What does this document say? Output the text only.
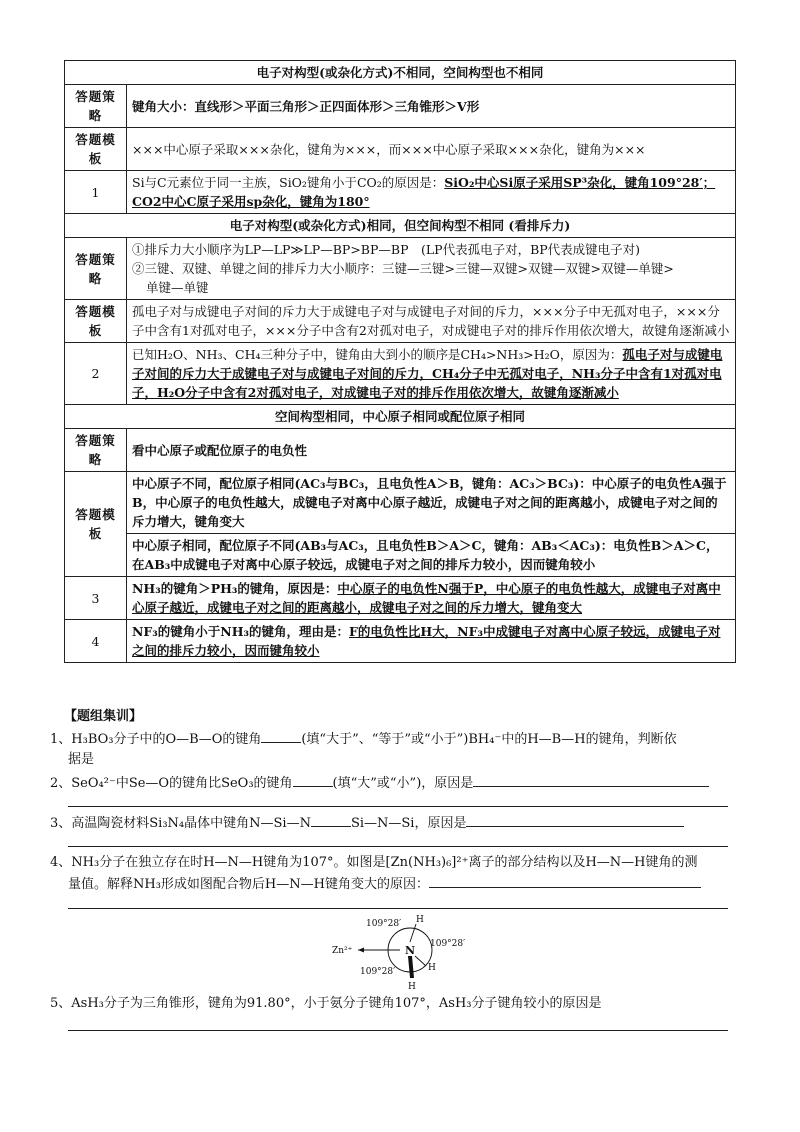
电子对构型(或杂化方式)不相同，空间构型也不相同	
答题策略	键角大小：直线形＞平面三角形＞正四面体形＞三角锥形＞V形
答题模板	×××中心原子采取×××杂化，键角为×××，而×××中心原子采取×××杂化，键角为×××
1	Si与C元素位于同一主族，SiO₂键角小于CO₂的原因是：SiO₂中心Si原子采用SP³杂化，键角109°28′；CO2中心C原子采用sp杂化，键角为180°
电子对构型(或杂化方式)相同，但空间构型不相同 (看排斥力)	
答题策略	①排斥力大小顺序为LP—LP≫LP—BP>BP—BP　(LP代表孤电子对，BP代表成键电子对)
②三键、双键、单键之间的排斥力大小顺序：三键—三键>三键—双键>双键—双键>双键—单键>
单键—单键

答题模板	孤电子对与成键电子对间的斥力大于成键电子对与成键电子对间的斥力，×××分子中无孤对电子，×××分子中含有1对孤对电子，×××分子中含有2对孤对电子，对成键电子对的排斥作用依次增大，故键角逐渐减小
2	已知H₂O、NH₃、CH₄三种分子中，键角由大到小的顺序是CH₄>NH₃>H₂O，原因为：孤电子对与成键电子对间的斥力大于成键电子对与成键电子对间的斥力，CH₄分子中无孤对电子，NH₃分子中含有1对孤对电子，H₂O分子中含有2对孤对电子，对成键电子对的排斥作用依次增大，故键角逐渐减小
空间构型相同，中心原子相同或配位原子相同	
答题策略	看中心原子或配位原子的电负性
答题模板	中心原子不同，配位原子相同(AC₃与BC₃，且电负性A＞B，键角：AC₃＞BC₃)：中心原子的电负性A强于B，中心原子的电负性越大，成键电子对离中心原子越近，成键电子对之间的距离越小，成键电子对之间的斥力增大，键角变大
	中心原子相同，配位原子不同(AB₃与AC₃，且电负性B＞A＞C，键角：AB₃＜AC₃)：电负性B＞A＞C，在AB₃中成键电子对离中心原子较远，成键电子对之间的排斥力较小，因而键角较小
3	NH₃的键角＞PH₃的键角，原因是：中心原子的电负性N强于P，中心原子的电负性越大，成键电子对离中心原子越近，成键电子对之间的距离越小，成键电子对之间的斥力增大，键角变大
4	NF₃的键角小于NH₃的键角，理由是：F的电负性比H大，NF₃中成键电子对离中心原子较远，成键电子对之间的排斥力较小，因而键角较小
【题组集训】
1、H₃BO₃分子中的O—B—O的键角	(填“大于”、“等于”或“小于”)BH₄⁻中的H—B—H的键角，判断依
据是
2、SeO₄²⁻中Se—O的键角比SeO₃的键角	(填“大”或“小”)，原因是
3、高温陶瓷材料Si₃N₄晶体中键角N—Si—N	Si—N—Si，原因是
4、NH₃分子在独立存在时H—N—H键角为107°。如图是[Zn(NH₃)₆]²⁺离子的部分结构以及H—N—H键角的测
量值。解释NH₃形成如图配合物后H—N—H键角变大的原因：
Zn²⁺	N
H
H
H
109°28′
109°28′
109°28′
5、AsH₃分子为三角锥形，键角为91.80°，小于氨分子键角107°，AsH₃分子键角较小的原因是
